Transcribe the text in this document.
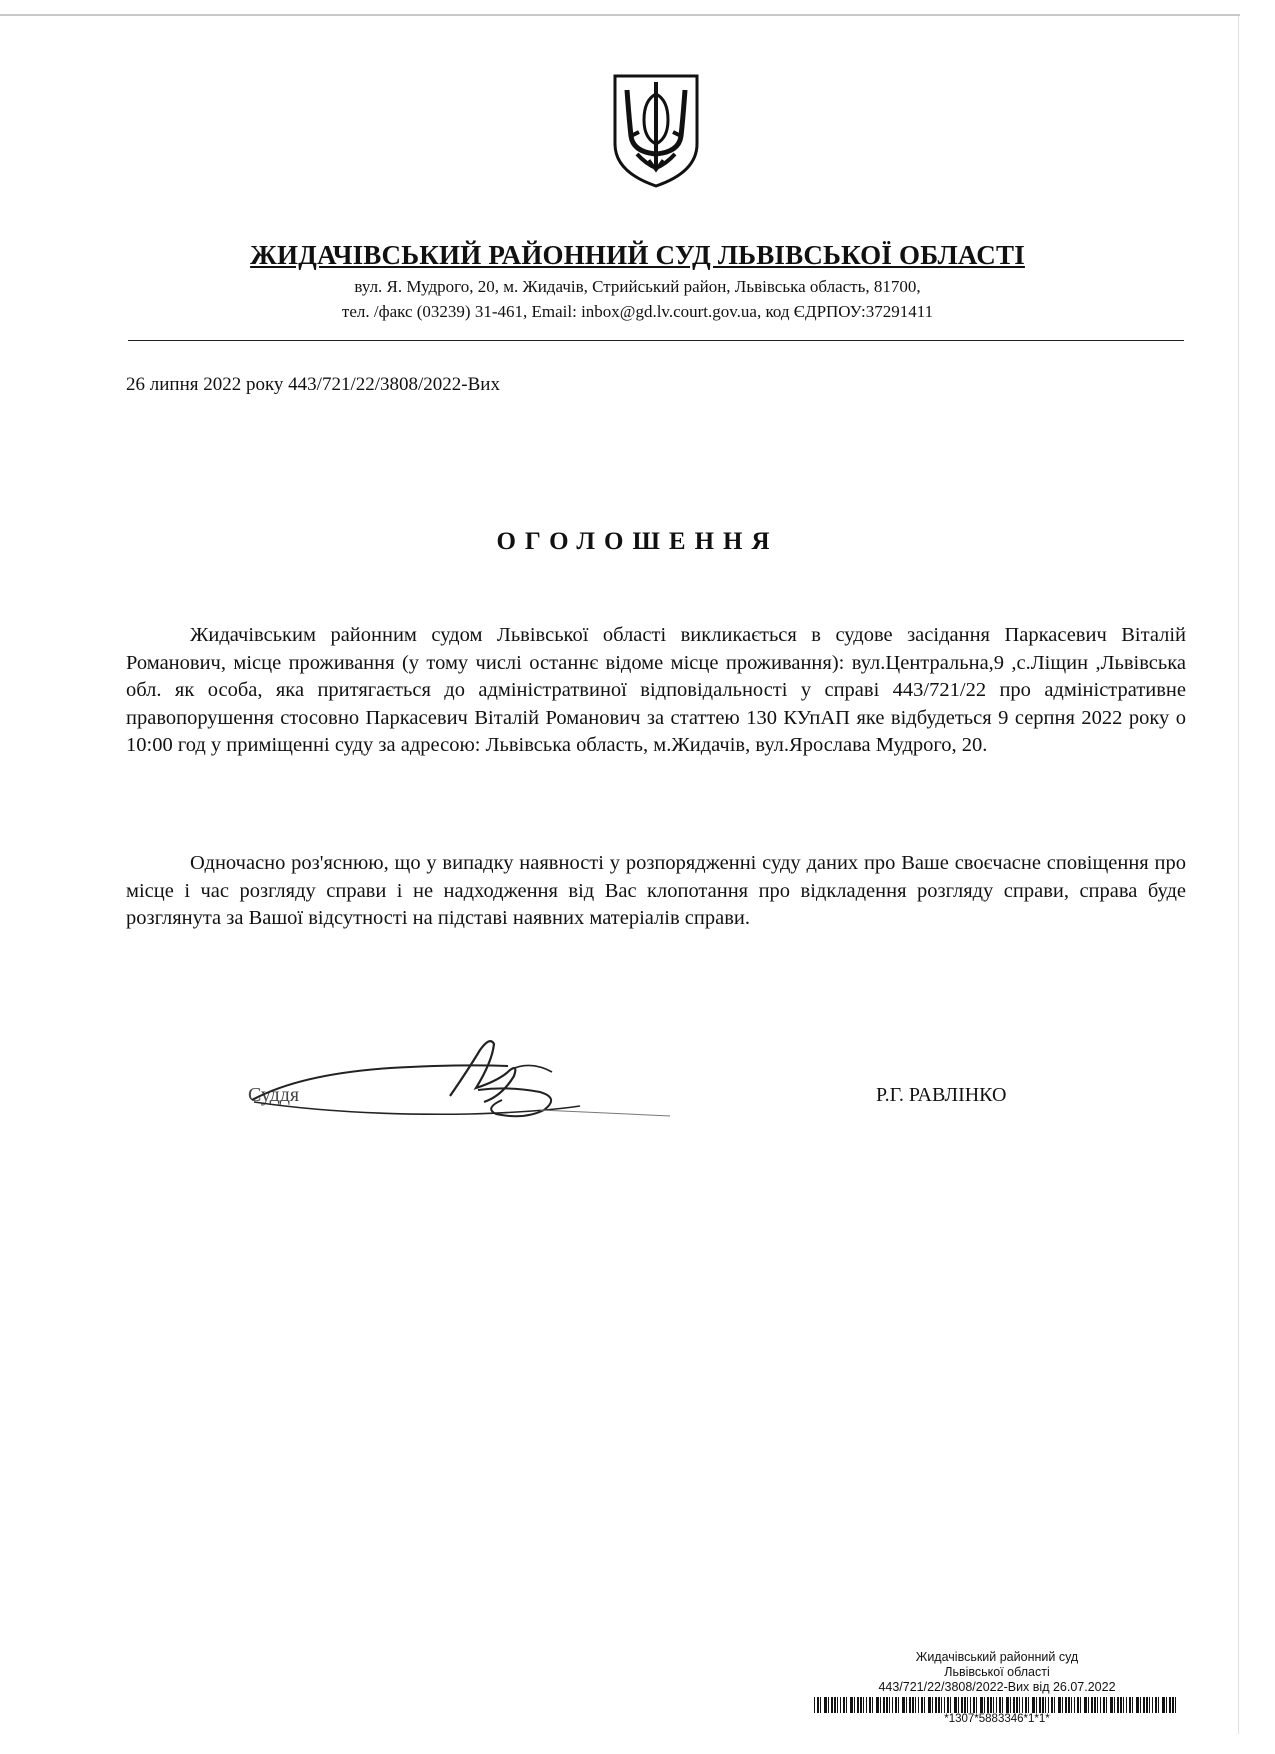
ЖИДАЧІВСЬКИЙ РАЙОННИЙ СУД ЛЬВІВСЬКОЇ ОБЛАСТІ
вул. Я. Мудрого, 20, м. Жидачів, Стрийський район, Львівська область, 81700,
тел. /факс (03239) 31-461, Email: inbox@gd.lv.court.gov.ua, код ЄДРПОУ:37291411
26 липня 2022 року 443/721/22/3808/2022-Вих
ОГОЛОШЕННЯ
Жидачівським районним судом Львівської області викликається в судове засідання Паркасевич Віталій Романович, місце проживання (у тому числі останнє відоме місце проживання): вул.Центральна,9 ,с.Ліщин ,Львівська обл. як особа, яка притягається до адміністратвиної відповідальності у справі 443/721/22 про адміністративне правопорушення стосовно Паркасевич Віталій Романович за статтею 130 КУпАП яке відбудеться 9 серпня 2022 року о 10:00 год у приміщенні суду за адресою: Львівська область, м.Жидачів, вул.Ярослава Мудрого, 20.
Одночасно роз'яснюю, що у випадку наявності у розпорядженні суду даних про Ваше своєчасне сповіщення про місце і час розгляду справи і не надходження від Вас клопотання про відкладення розгляду справи, справа буде розглянута за Вашої відсутності на підставі наявних матеріалів справи.
Суддя	Р.Г. РАВЛІНКО
Жидачівський районний суд
Львівської області
443/721/22/3808/2022-Вих від 26.07.2022
*1307*5883346*1*1*
